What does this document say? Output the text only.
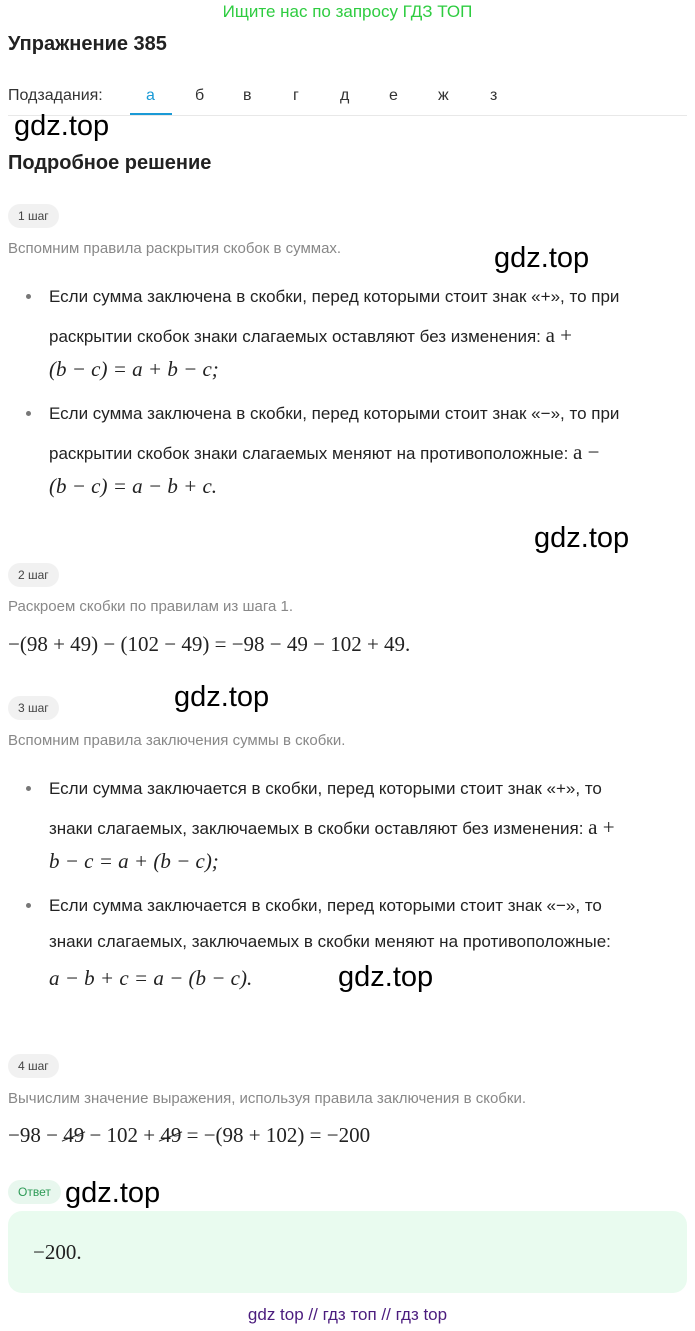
Ищите нас по запросу ГДЗ ТОП
Упражнение 385
Подзадания:	а	б в	г	д е	ж	з
gdz.top
Подробное решение
1 шаг
Вспомним правила раскрытия скобок в суммах.	gdz.top
Если сумма заключена в скобки, перед которыми стоит знак «+», то при
раскрытии скобок знаки слагаемых оставляют без изменения: a +
(b − c) = a + b − c;
Если сумма заключена в скобки, перед которыми стоит знак «−», то при
раскрытии скобок знаки слагаемых меняют на противоположные: a −
(b − c) = a − b + c.
gdz.top
2 шаг
Раскроем скобки по правилам из шага 1.
−(98 + 49) − (102 − 49) = −98 − 49 − 102 + 49.
3 шаг	gdz.top
Вспомним правила заключения суммы в скобки.
Если сумма заключается в скобки, перед которыми стоит знак «+», то
знаки слагаемых, заключаемых в скобки оставляют без изменения: a +
b − c = a + (b − c);
Если сумма заключается в скобки, перед которыми стоит знак «−», то
знаки слагаемых, заключаемых в скобки меняют на противоположные:
a − b + c = a − (b − c).	gdz.top
4 шаг
Вычислим значение выражения, используя правила заключения в скобки.
−98 − 49 − 102 + 49 = −(98 + 102) = −200
Ответ gdz.top
−200.
gdz top // гдз топ // гдз top
